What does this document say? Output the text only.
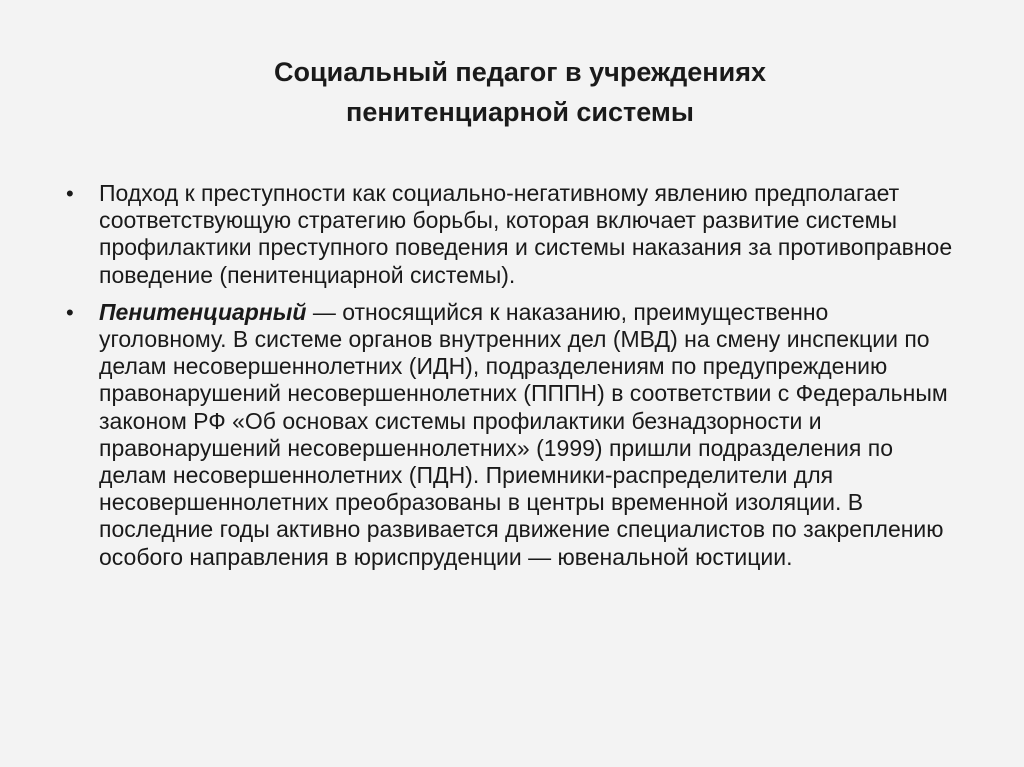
Социальный педагог в учреждениях
пенитенциарной системы
•	Подход к преступности как социально-негативному явлению предполагает соответствующую стратегию борьбы, которая включает развитие системы профилактики преступного поведения и системы наказания за противоправное поведение (пенитенциарной системы).
•	Пенитенциарный — относящийся к наказанию, преимущественно уголовному. В системе органов внутренних дел (МВД) на смену инспекции по делам несовершеннолетних (ИДН), подразделениям по предупреждению правонарушений несовершеннолетних (ПППН) в соответствии с Федеральным законом РФ «Об основах системы профилактики безнадзорности и правонарушений несовершеннолетних» (1999) пришли подразделения по делам несовершеннолетних (ПДН). Приемники-распределители для несовершеннолетних преобразованы в центры временной изоляции. В последние годы активно развивается движение специалистов по закреплению особого направления в юриспруденции — ювенальной юстиции.
